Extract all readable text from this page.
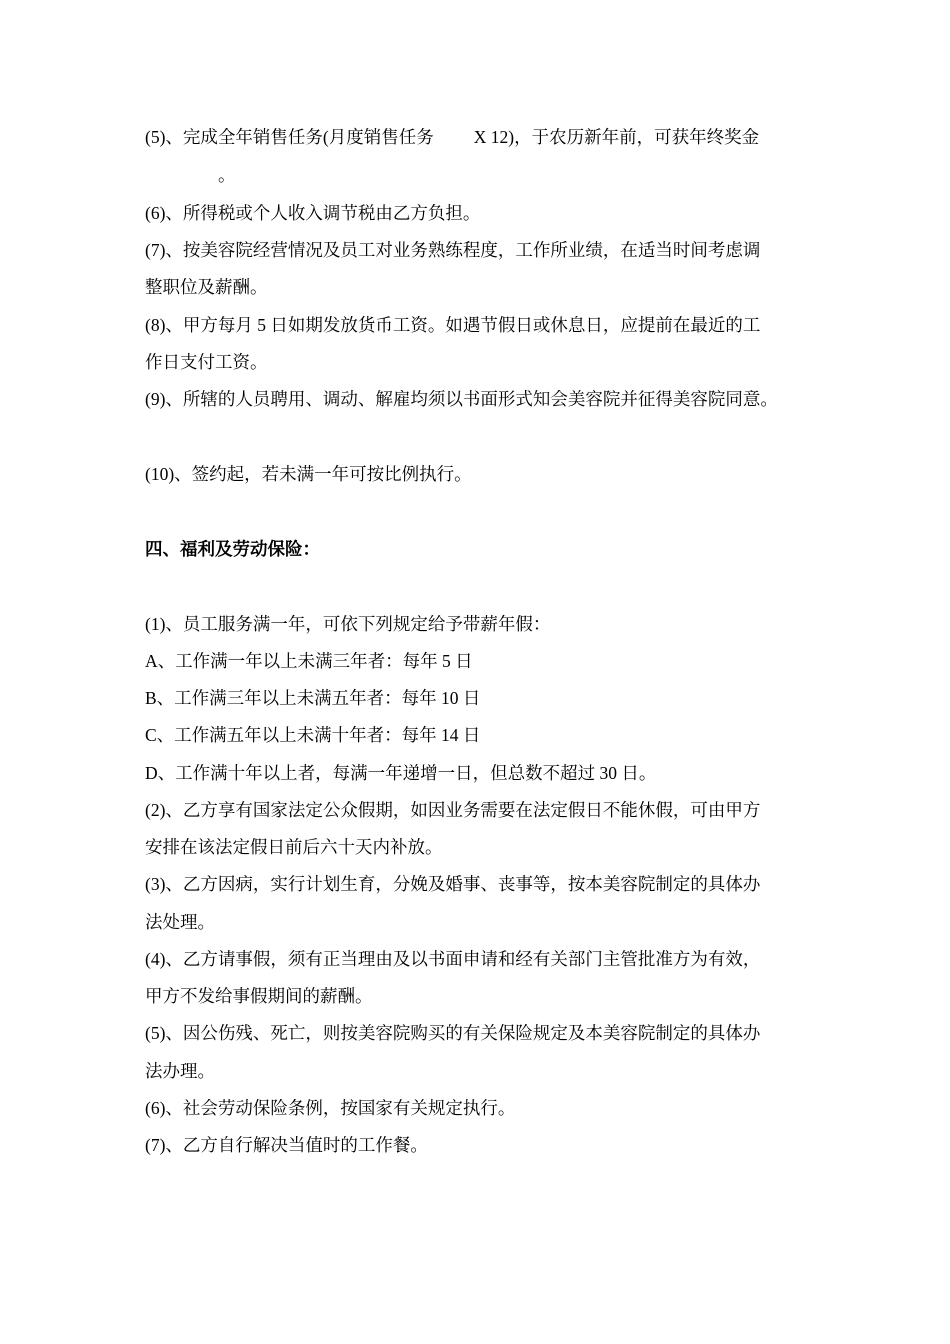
(5)、完成全年销售任务(月度销售任务 X 12)，于农历新年前，可获年终奖金
。
(6)、所得税或个人收入调节税由乙方负担。
(7)、按美容院经营情况及员工对业务熟练程度，工作所业绩，在适当时间考虑调
整职位及薪酬。
(8)、甲方每月 5 日如期发放货币工资。如遇节假日或休息日，应提前在最近的工
作日支付工资。
(9)、所辖的人员聘用、调动、解雇均须以书面形式知会美容院并征得美容院同意。
(10)、签约起，若未满一年可按比例执行。
四、福利及劳动保险：
(1)、员工服务满一年，可依下列规定给予带薪年假：
A、工作满一年以上未满三年者：每年 5 日
B、工作满三年以上未满五年者：每年 10 日
C、工作满五年以上未满十年者：每年 14 日
D、工作满十年以上者，每满一年递增一日，但总数不超过 30 日。
(2)、乙方享有国家法定公众假期，如因业务需要在法定假日不能休假，可由甲方
安排在该法定假日前后六十天内补放。
(3)、乙方因病，实行计划生育，分娩及婚事、丧事等，按本美容院制定的具体办
法处理。
(4)、乙方请事假，须有正当理由及以书面申请和经有关部门主管批准方为有效，
甲方不发给事假期间的薪酬。
(5)、因公伤残、死亡，则按美容院购买的有关保险规定及本美容院制定的具体办
法办理。
(6)、社会劳动保险条例，按国家有关规定执行。
(7)、乙方自行解决当值时的工作餐。
